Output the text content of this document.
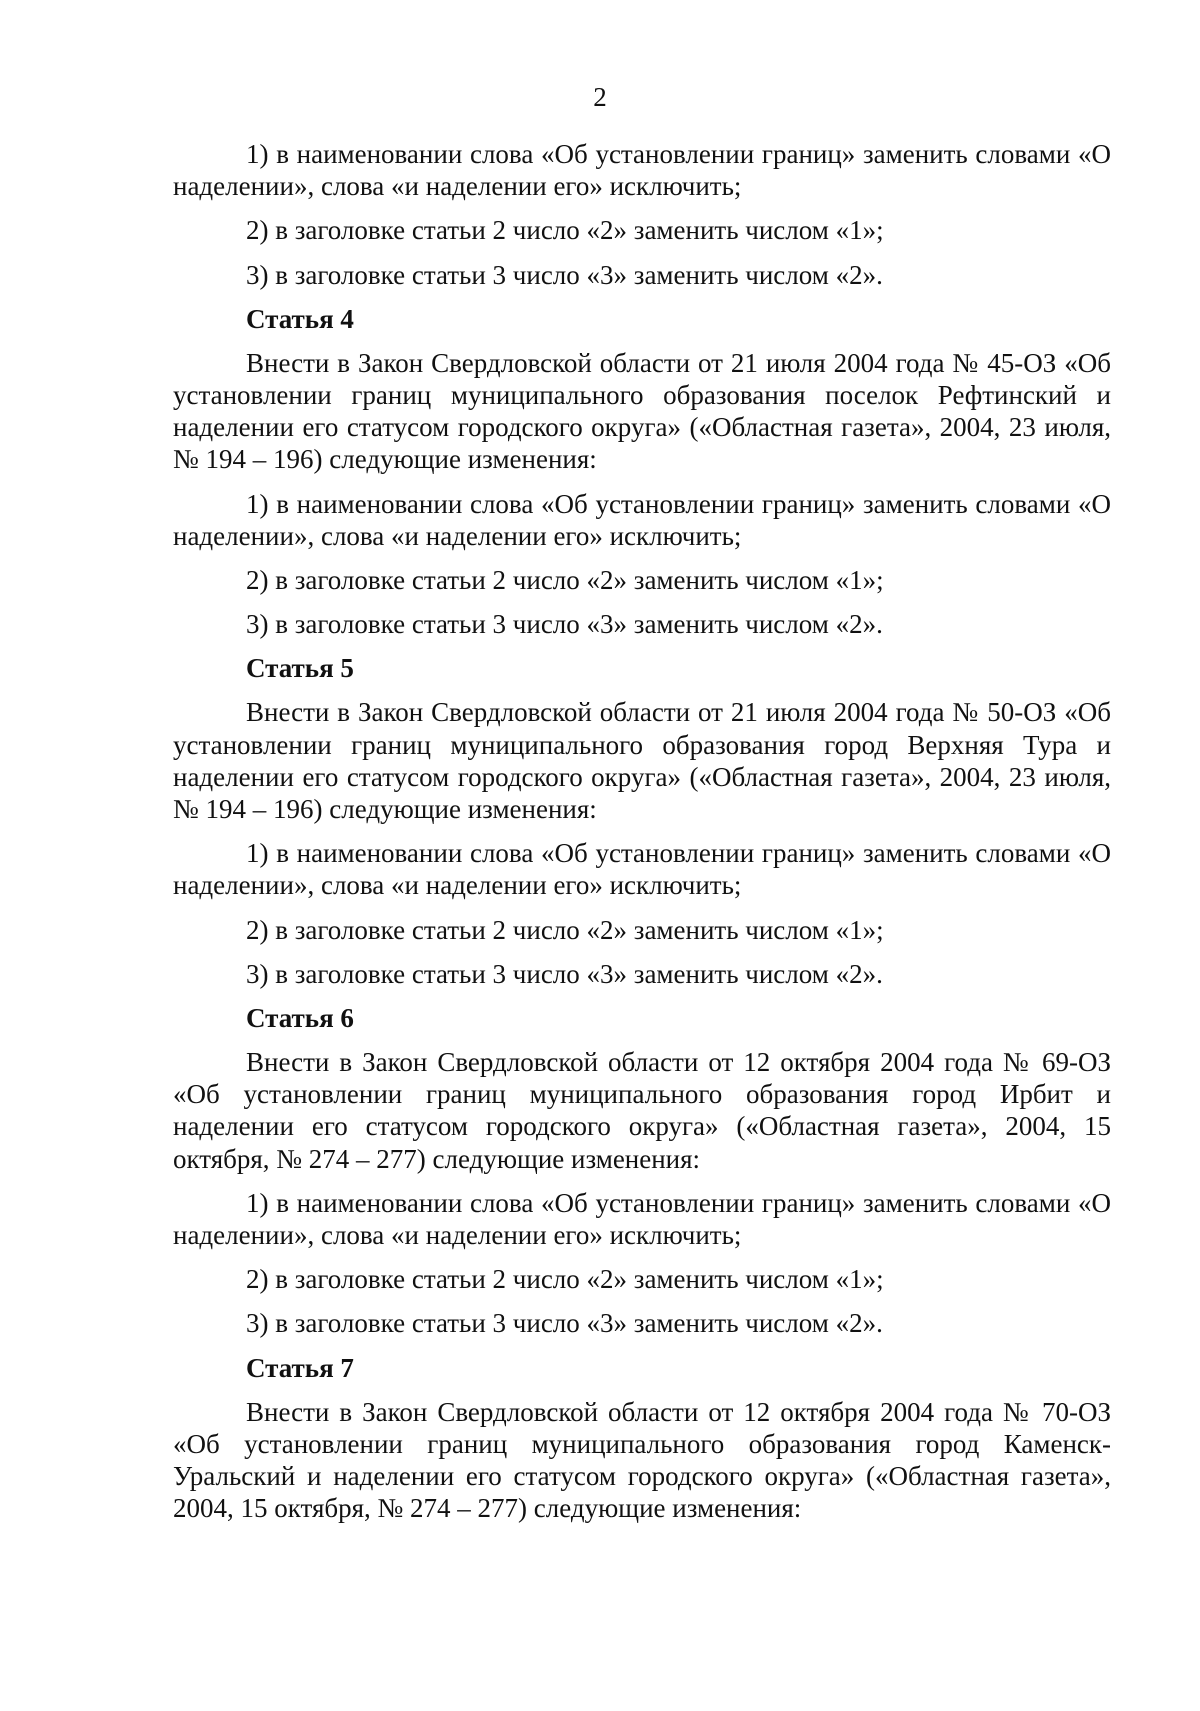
2

1) в наименовании слова «Об установлении границ» заменить словами «О наделении», слова «и наделении его» исключить;

2) в заголовке статьи 2 число «2» заменить числом «1»;

3) в заголовке статьи 3 число «3» заменить числом «2».

Статья 4

Внести в Закон Свердловской области от 21 июля 2004 года № 45-ОЗ «Об установлении границ муниципального образования поселок Рефтинский и наделении его статусом городского округа» («Областная газета», 2004, 23 июля, № 194 – 196) следующие изменения:

1) в наименовании слова «Об установлении границ» заменить словами «О наделении», слова «и наделении его» исключить;

2) в заголовке статьи 2 число «2» заменить числом «1»;

3) в заголовке статьи 3 число «3» заменить числом «2».

Статья 5

Внести в Закон Свердловской области от 21 июля 2004 года № 50-ОЗ «Об установлении границ муниципального образования город Верхняя Тура и наделении его статусом городского округа» («Областная газета», 2004, 23 июля, № 194 – 196) следующие изменения:

1) в наименовании слова «Об установлении границ» заменить словами «О наделении», слова «и наделении его» исключить;

2) в заголовке статьи 2 число «2» заменить числом «1»;

3) в заголовке статьи 3 число «3» заменить числом «2».

Статья 6

Внести в Закон Свердловской области от 12 октября 2004 года № 69-ОЗ «Об установлении границ муниципального образования город Ирбит и наделении его статусом городского округа» («Областная газета», 2004, 15 октября, № 274 – 277) следующие изменения:

1) в наименовании слова «Об установлении границ» заменить словами «О наделении», слова «и наделении его» исключить;

2) в заголовке статьи 2 число «2» заменить числом «1»;

3) в заголовке статьи 3 число «3» заменить числом «2».

Статья 7

Внести в Закон Свердловской области от 12 октября 2004 года № 70-ОЗ «Об установлении границ муниципального образования город Каменск-Уральский и наделении его статусом городского округа» («Областная газета», 2004, 15 октября, № 274 – 277) следующие изменения:
